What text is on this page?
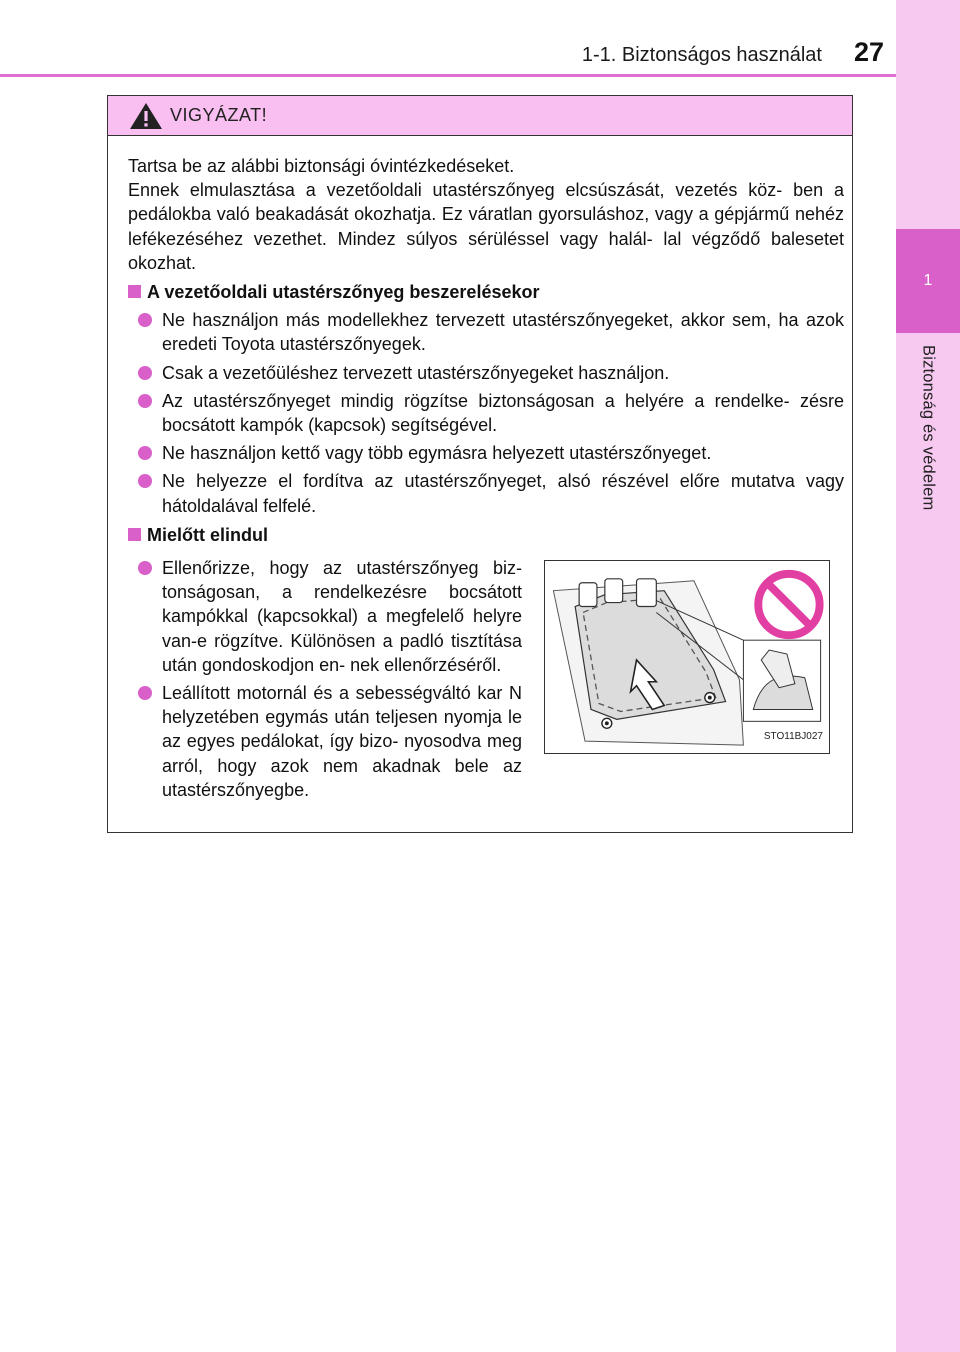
1
Biztonság és védelem
1-1. Biztonságos használat 27
VIGYÁZAT!

Tartsa be az alábbi biztonsági óvintézkedéseket.
Ennek elmulasztása a vezetőoldali utastérszőnyeg elcsúszását, vezetés köz- ben a pedálokba való beakadását okozhatja. Ez váratlan gyorsuláshoz, vagy a gépjármű nehéz lefékezéséhez vezethet. Mindez súlyos sérüléssel vagy halál- lal végződő balesetet okozhat.

A vezetőoldali utastérszőnyeg beszerelésekor
Ne használjon más modellekhez tervezett utastérszőnyegeket, akkor sem, ha azok eredeti Toyota utastérszőnyegek.
Csak a vezetőüléshez tervezett utastérszőnyegeket használjon.
Az utastérszőnyeget mindig rögzítse biztonságosan a helyére a rendelke- zésre bocsátott kampók (kapcsok) segítségével.
Ne használjon kettő vagy több egymásra helyezett utastérszőnyeget.
Ne helyezze el fordítva az utastérszőnyeget, alsó részével előre mutatva vagy hátoldalával felfelé.
Mielőtt elindul
Ellenőrizze, hogy az utastérszőnyeg biz- tonságosan, a rendelkezésre bocsátott kampókkal (kapcsokkal) a megfelelő helyre van-e rögzítve. Különösen a padló tisztítása után gondoskodjon en- nek ellenőrzéséről.
Leállított motornál és a sebességváltó kar N helyzetében egymás után teljesen nyomja le az egyes pedálokat, így bizo- nyosodva meg arról, hogy azok nem akadnak bele az utastérszőnyegbe.
STO11BJ027
